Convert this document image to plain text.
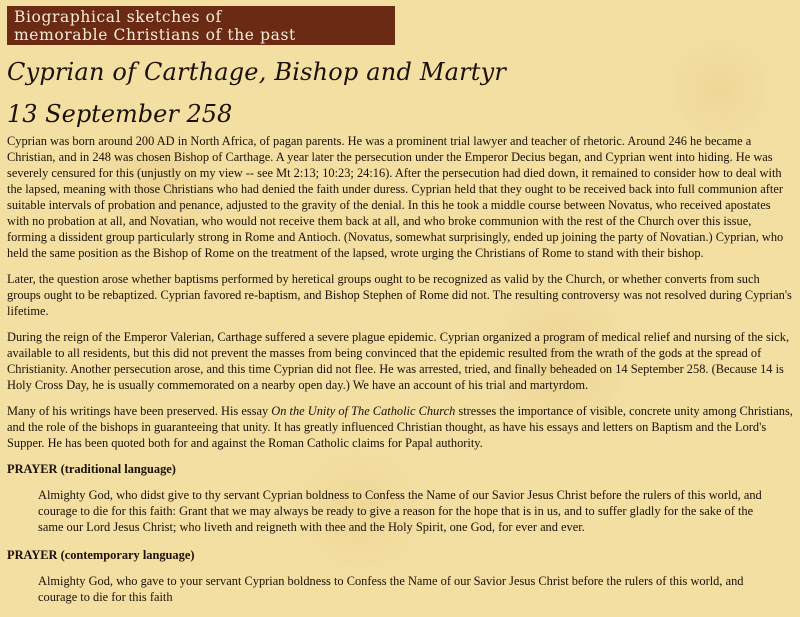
Biographical sketches of
memorable Christians of the past
Cyprian of Carthage, Bishop and Martyr
13 September 258

Cyprian was born around 200 AD in North Africa, of pagan parents. He was a prominent trial lawyer and teacher of rhetoric. Around 246 he became a Christian, and in 248 was chosen Bishop of Carthage. A year later the persecution under the Emperor Decius began, and Cyprian went into hiding. He was severely censured for this (unjustly on my view -- see Mt 2:13; 10:23; 24:16). After the persecution had died down, it remained to consider how to deal with the lapsed, meaning with those Christians who had denied the faith under duress. Cyprian held that they ought to be received back into full communion after suitable intervals of probation and penance, adjusted to the gravity of the denial. In this he took a middle course between Novatus, who received apostates with no probation at all, and Novatian, who would not receive them back at all, and who broke communion with the rest of the Church over this issue, forming a dissident group particularly strong in Rome and Antioch. (Novatus, somewhat surprisingly, ended up joining the party of Novatian.) Cyprian, who held the same position as the Bishop of Rome on the treatment of the lapsed, wrote urging the Christians of Rome to stand with their bishop.

Later, the question arose whether baptisms performed by heretical groups ought to be recognized as valid by the Church, or whether converts from such groups ought to be rebaptized. Cyprian favored re-baptism, and Bishop Stephen of Rome did not. The resulting controversy was not resolved during Cyprian's lifetime.

During the reign of the Emperor Valerian, Carthage suffered a severe plague epidemic. Cyprian organized a program of medical relief and nursing of the sick, available to all residents, but this did not prevent the masses from being convinced that the epidemic resulted from the wrath of the gods at the spread of Christianity. Another persecution arose, and this time Cyprian did not flee. He was arrested, tried, and finally beheaded on 14 September 258. (Because 14 is Holy Cross Day, he is usually commemorated on a nearby open day.) We have an account of his trial and martyrdom.

Many of his writings have been preserved. His essay On the Unity of The Catholic Church stresses the importance of visible, concrete unity among Christians, and the role of the bishops in guaranteeing that unity. It has greatly influenced Christian thought, as have his essays and letters on Baptism and the Lord's Supper. He has been quoted both for and against the Roman Catholic claims for Papal authority.

PRAYER (traditional language)

Almighty God, who didst give to thy servant Cyprian boldness to Confess the Name of our Savior Jesus Christ before the rulers of this world, and courage to die for this faith: Grant that we may always be ready to give a reason for the hope that is in us, and to suffer gladly for the sake of the same our Lord Jesus Christ; who liveth and reigneth with thee and the Holy Spirit, one God, for ever and ever.

PRAYER (contemporary language)

Almighty God, who gave to your servant Cyprian boldness to Confess the Name of our Savior Jesus Christ before the rulers of this world, and courage to die for this faith
